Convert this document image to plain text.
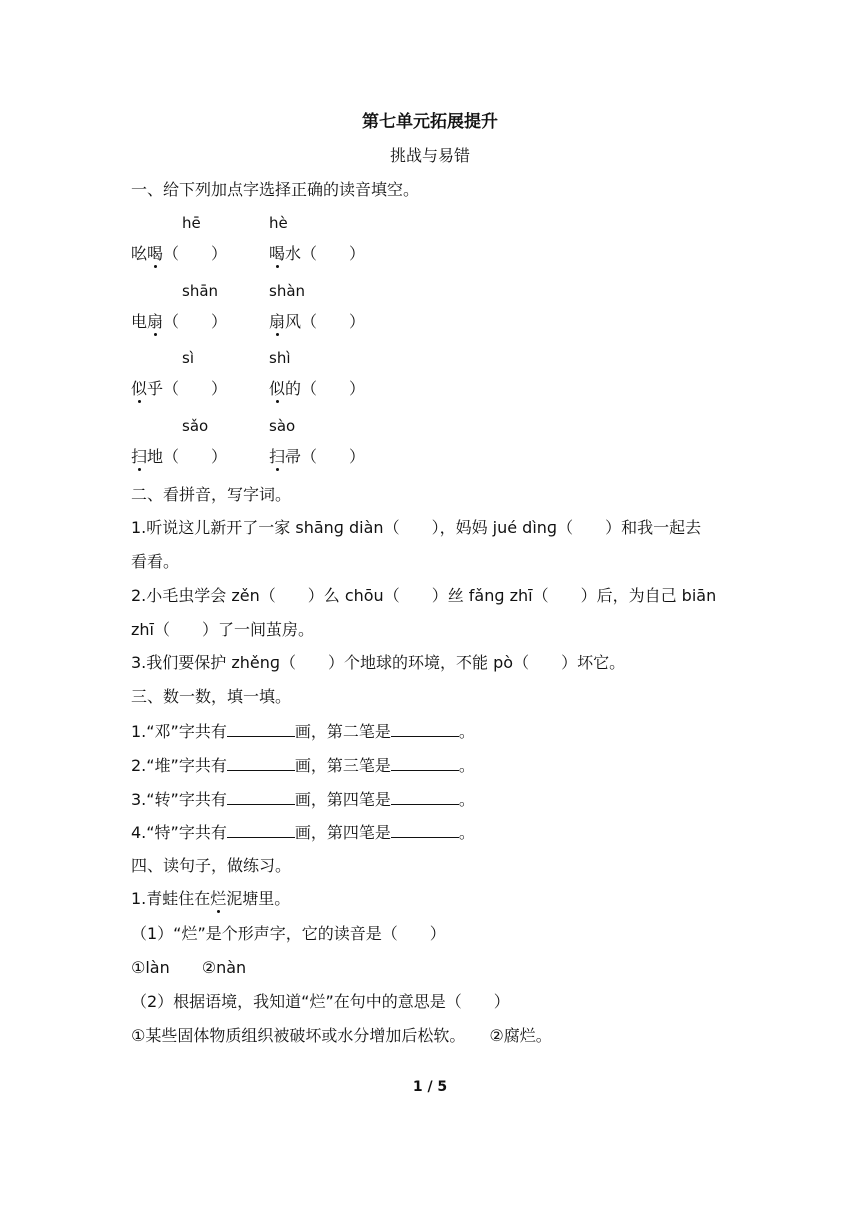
第七单元拓展提升
挑战与易错
一、给下列加点字选择正确的读音填空。
hē	hè
吆喝（　　）	喝水（　　）
shān	shàn
电扇（　　）	扇风（　　）
sì	shì
似乎（　　）	似的（　　）
sǎo	sào
扫地（　　）	扫帚（　　）
二、看拼音，写字词。
1.听说这儿新开了一家 shānɡ diàn（　　），妈妈 jué dìnɡ（　　）和我一起去
看看。
2.小毛虫学会 zěn（　　）么 chōu（　　）丝 fǎnɡ zhī（　　）后，为自己 biān
zhī（　　）了一间茧房。
3.我们要保护 zhěnɡ（　　）个地球的环境，不能 pò（　　）坏它。
三、数一数，填一填。
1.“邓”字共有	画，第二笔是	。
2.“堆”字共有	画，第三笔是	。
3.“转”字共有	画，第四笔是	。
4.“特”字共有	画，第四笔是	。
四、读句子，做练习。
1.青蛙住在烂泥塘里。
（1）“烂”是个形声字，它的读音是（　　）
①làn　　②nàn
（2）根据语境，我知道“烂”在句中的意思是（　　）
①某些固体物质组织被破坏或水分增加后松软。　　②腐烂。
1 / 5
